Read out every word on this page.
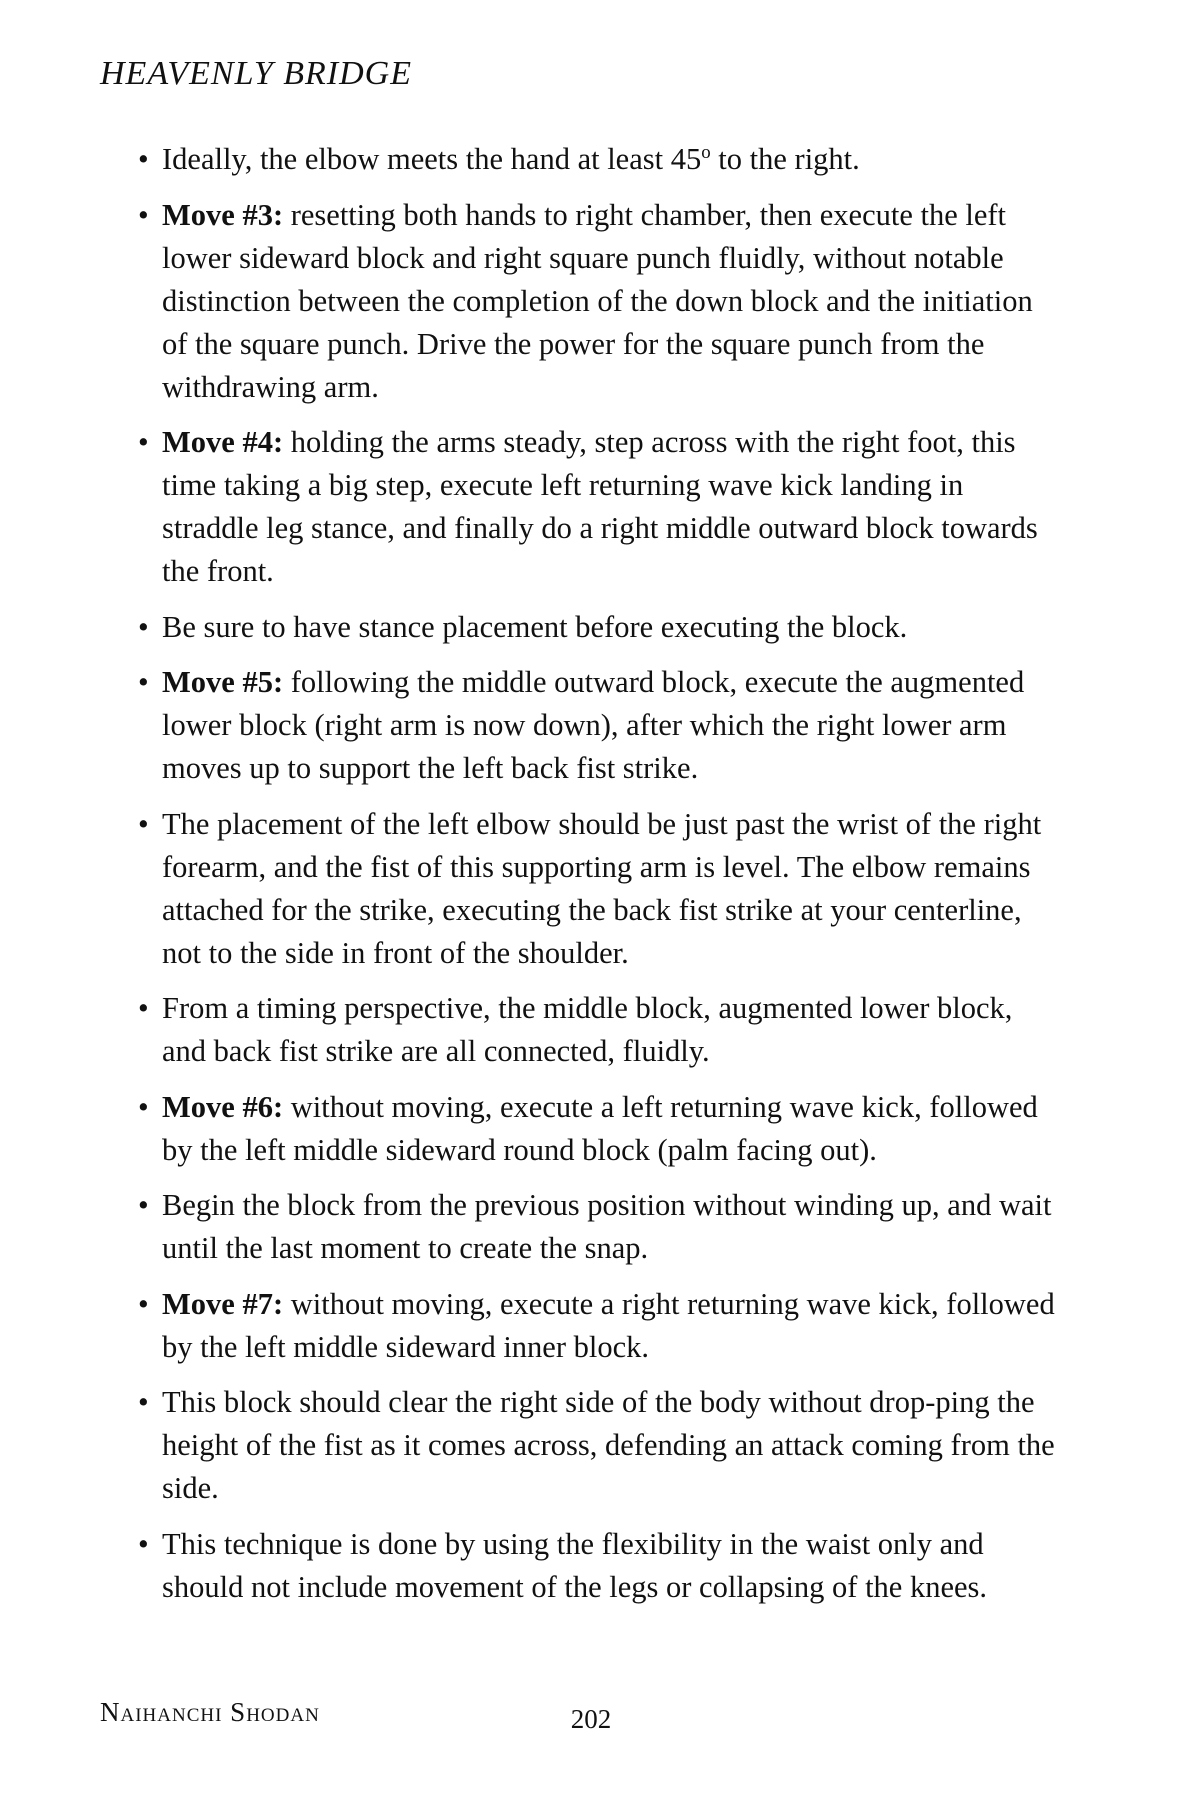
HEAVENLY BRIDGE
• Ideally, the elbow meets the hand at least 45$^o$ to the right.
• Move #3: resetting both hands to right chamber, then execute the left lower sideward block and right square punch fluidly, without notable distinction between the completion of the down block and the initiation of the square punch. Drive the power for the square punch from the withdrawing arm.
• Move #4: holding the arms steady, step across with the right foot, this time taking a big step, execute left returning wave kick landing in straddle leg stance, and finally do a right middle outward block towards the front.
• Be sure to have stance placement before executing the block.
• Move #5: following the middle outward block, execute the augmented lower block (right arm is now down), after which the right lower arm moves up to support the left back fist strike.
• The placement of the left elbow should be just past the wrist of the right forearm, and the fist of this supporting arm is level. The elbow remains attached for the strike, executing the back fist strike at your centerline, not to the side in front of the shoulder.
• From a timing perspective, the middle block, augmented lower block, and back fist strike are all connected, fluidly.
• Move #6: without moving, execute a left returning wave kick, followed by the left middle sideward round block (palm facing out).
• Begin the block from the previous position without winding up, and wait until the last moment to create the snap.
• Move #7: without moving, execute a right returning wave kick, followed by the left middle sideward inner block.
• This block should clear the right side of the body without drop-ping the height of the fist as it comes across, defending an attack coming from the side.
• This technique is done by using the flexibility in the waist only and should not include movement of the legs or collapsing of the knees.
Naihanchi Shodan	202
